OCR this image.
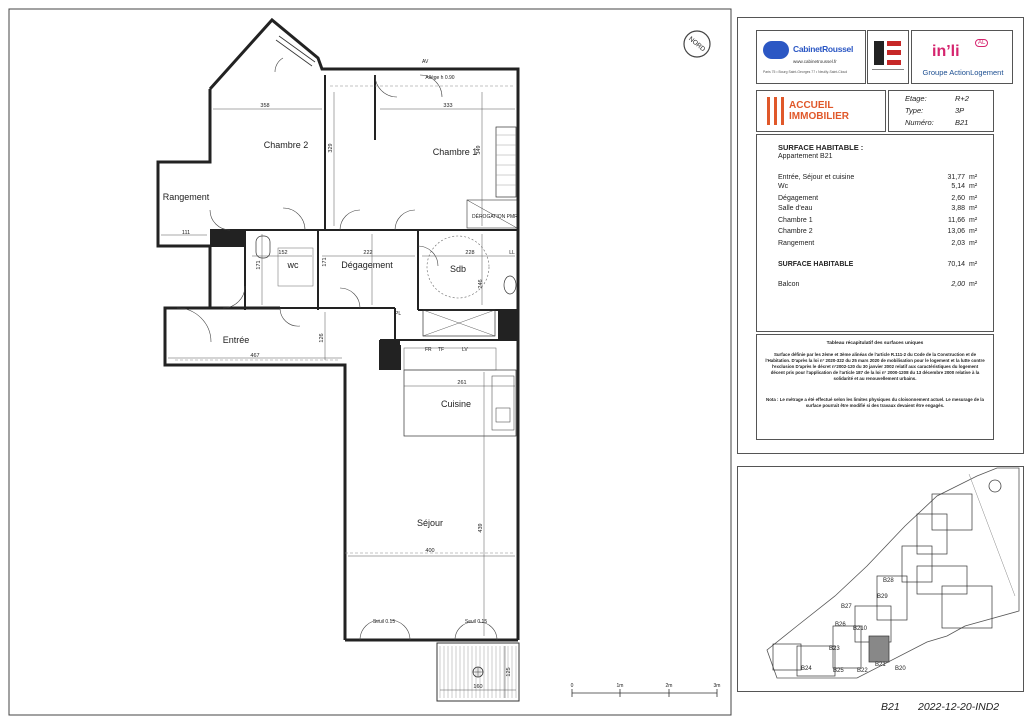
Chambre 2
Chambre 1
Rangement
wc	Dégagement	Sdb
Entrée
Cuisine
Séjour
358	333
329	349
111
152
171
222
171
228
246
467
126
261
400
439
160
125
Allège h 0.90
AV
DÉROGATION PMR
LL
PL
FR TF	LV
Seuil 0.15	Seuil 0.15
NORD
0	1m	2m	3m
CabinetRoussel
www.cabinetroussel.fr
Paris 75 • Bourg Saint-Georges 77 • Neuilly-Saint-Cloud
in’li	AL
Groupe ActionLogement
ACCUEIL
IMMOBILIER
Etage:	R+2
Type:	3P
Numéro:	B21
SURFACE HABITABLE :
Appartement B21
Entrée, Séjour et cuisine	31,77 m²
Wc	5,14 m²
Dégagement	2,60 m²
Salle d'eau	3,88 m²
Chambre 1	11,66 m²
Chambre 2	13,06 m²
Rangement	2,03 m²
SURFACE HABITABLE	70,14 m²
Balcon	2,00 m²
Tableau récapitulatif des surfaces uniques
Surface définie par les 2ème et 3ème alinéas de l'article R.111-2 du Code de la Construction et de l'Habitation. D'après la loi n° 2020-322 du 25 mars 2020 de mobilisation pour le logement et la lutte contre l'exclusion D'après le décret n°2002-120 du 30 janvier 2002 relatif aux caractéristiques du logement décent pris pour l'application de l'article 187 de la loi n° 2000-1208 du 13 décembre 2000 relative à la solidarité et au renouvellement urbains.
Nota : Le métrage a été effectué selon les limites physiques du cloisonnement actuel. Le mesurage de la surface pourrait être modifié si des travaux devaient être engagés.
B28
B29
B27
B26
B210
B23
B22
B21
B24	B25	B20
B21 2022-12-20-IND2
